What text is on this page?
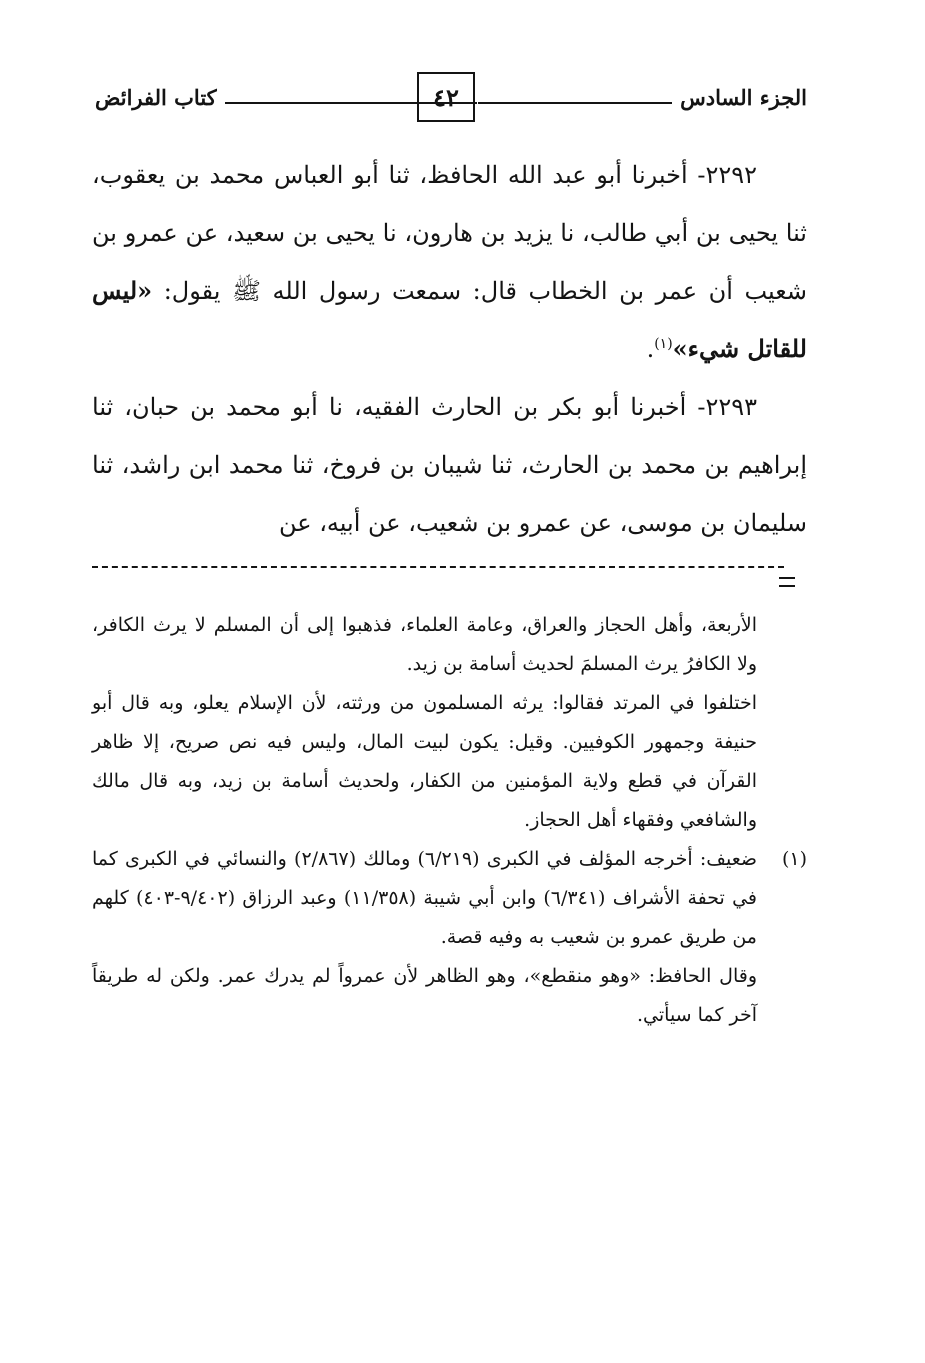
الجزء السادس
٤٢
كتاب الفرائض

٢٢٩٢- أخبرنا أبو عبد الله الحافظ، ثنا أبو العباس محمد بن يعقوب، ثنا يحيى بن أبي طالب، نا يزيد بن هارون، نا يحيى بن سعيد، عن عمرو بن شعيب أن عمر بن الخطاب قال: سمعت رسول الله ﷺ يقول: «ليس للقاتل شيء»$^{(١)}$.

٢٢٩٣- أخبرنا أبو بكر بن الحارث الفقيه، نا أبو محمد بن حبان، ثنا إبراهيم بن محمد بن الحارث، ثنا شيبان بن فروخ، ثنا محمد ابن راشد، ثنا سليمان بن موسى، عن عمرو بن شعيب، عن أبيه، عن

الأربعة، وأهل الحجاز والعراق، وعامة العلماء، فذهبوا إلى أن المسلم لا يرث الكافر، ولا الكافرُ يرث المسلمَ لحديث أسامة بن زيد.

اختلفوا في المرتد فقالوا: يرثه المسلمون من ورثته، لأن الإسلام يعلو، وبه قال أبو حنيفة وجمهور الكوفيين. وقيل: يكون لبيت المال، وليس فيه نص صريح، إلا ظاهر القرآن في قطع ولاية المؤمنين من الكفار، ولحديث أسامة بن زيد، وبه قال مالك والشافعي وفقهاء أهل الحجاز.

(١)ضعيف: أخرجه المؤلف في الكبرى (٦/٢١٩) ومالك (٢/٨٦٧) والنسائي في الكبرى كما في تحفة الأشراف (٦/٣٤١) وابن أبي شيبة (١١/٣٥٨) وعبد الرزاق (٩/٤٠٢-٤٠٣) كلهم من طريق عمرو بن شعيب به وفيه قصة.

وقال الحافظ: «وهو منقطع»، وهو الظاهر لأن عمرواً لم يدرك عمر. ولكن له طريقاً آخر كما سيأتي.
